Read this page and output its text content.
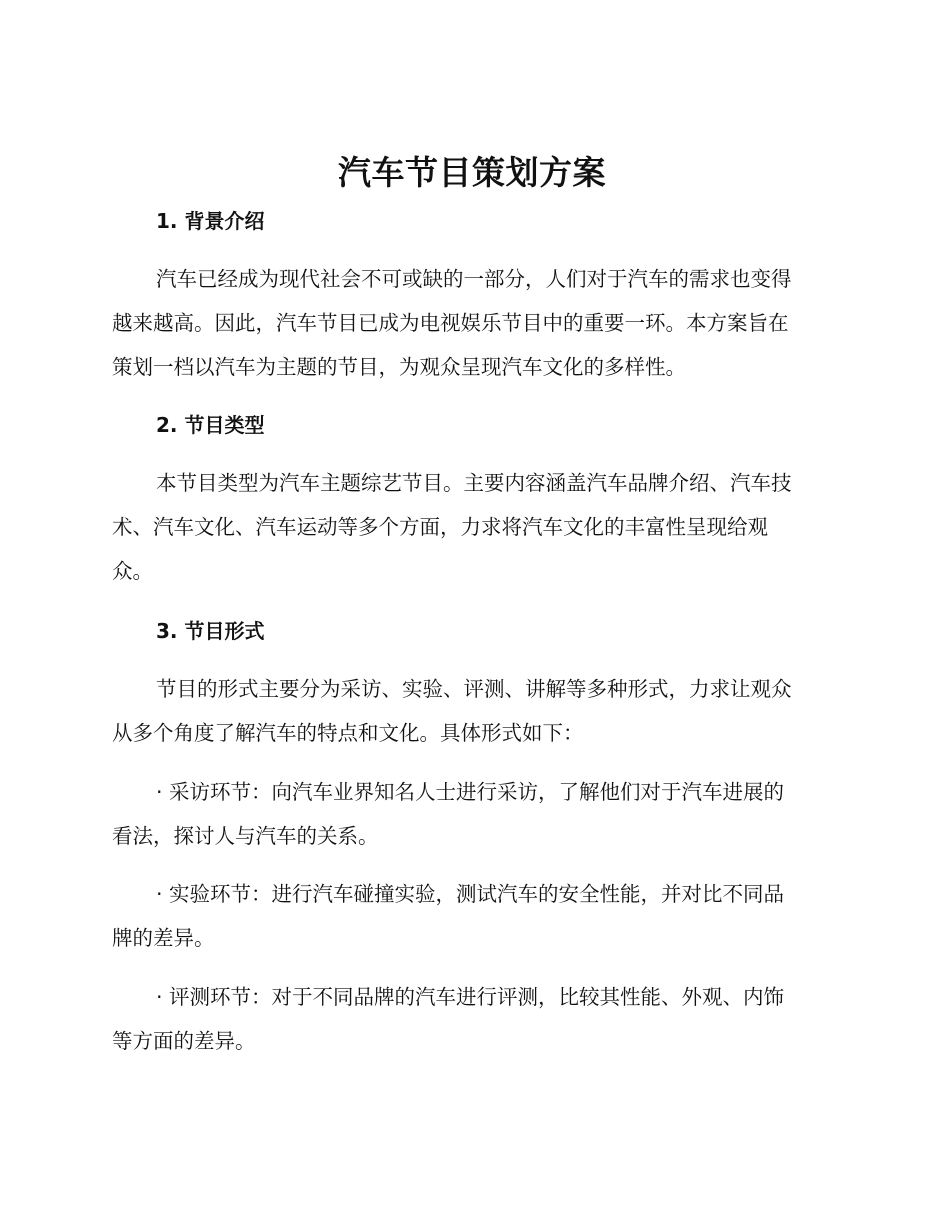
汽车节目策划方案
1. 背景介绍
汽车已经成为现代社会不可或缺的一部分，人们对于汽车的需求也变得
越来越高。因此，汽车节目已成为电视娱乐节目中的重要一环。本方案旨在
策划一档以汽车为主题的节目，为观众呈现汽车文化的多样性。
2. 节目类型
本节目类型为汽车主题综艺节目。主要内容涵盖汽车品牌介绍、汽车技
术、汽车文化、汽车运动等多个方面，力求将汽车文化的丰富性呈现给观
众。
3. 节目形式
节目的形式主要分为采访、实验、评测、讲解等多种形式，力求让观众
从多个角度了解汽车的特点和文化。具体形式如下：
· 采访环节：向汽车业界知名人士进行采访，了解他们对于汽车进展的
看法，探讨人与汽车的关系。
· 实验环节：进行汽车碰撞实验，测试汽车的安全性能，并对比不同品
牌的差异。
· 评测环节：对于不同品牌的汽车进行评测，比较其性能、外观、内饰
等方面的差异。
